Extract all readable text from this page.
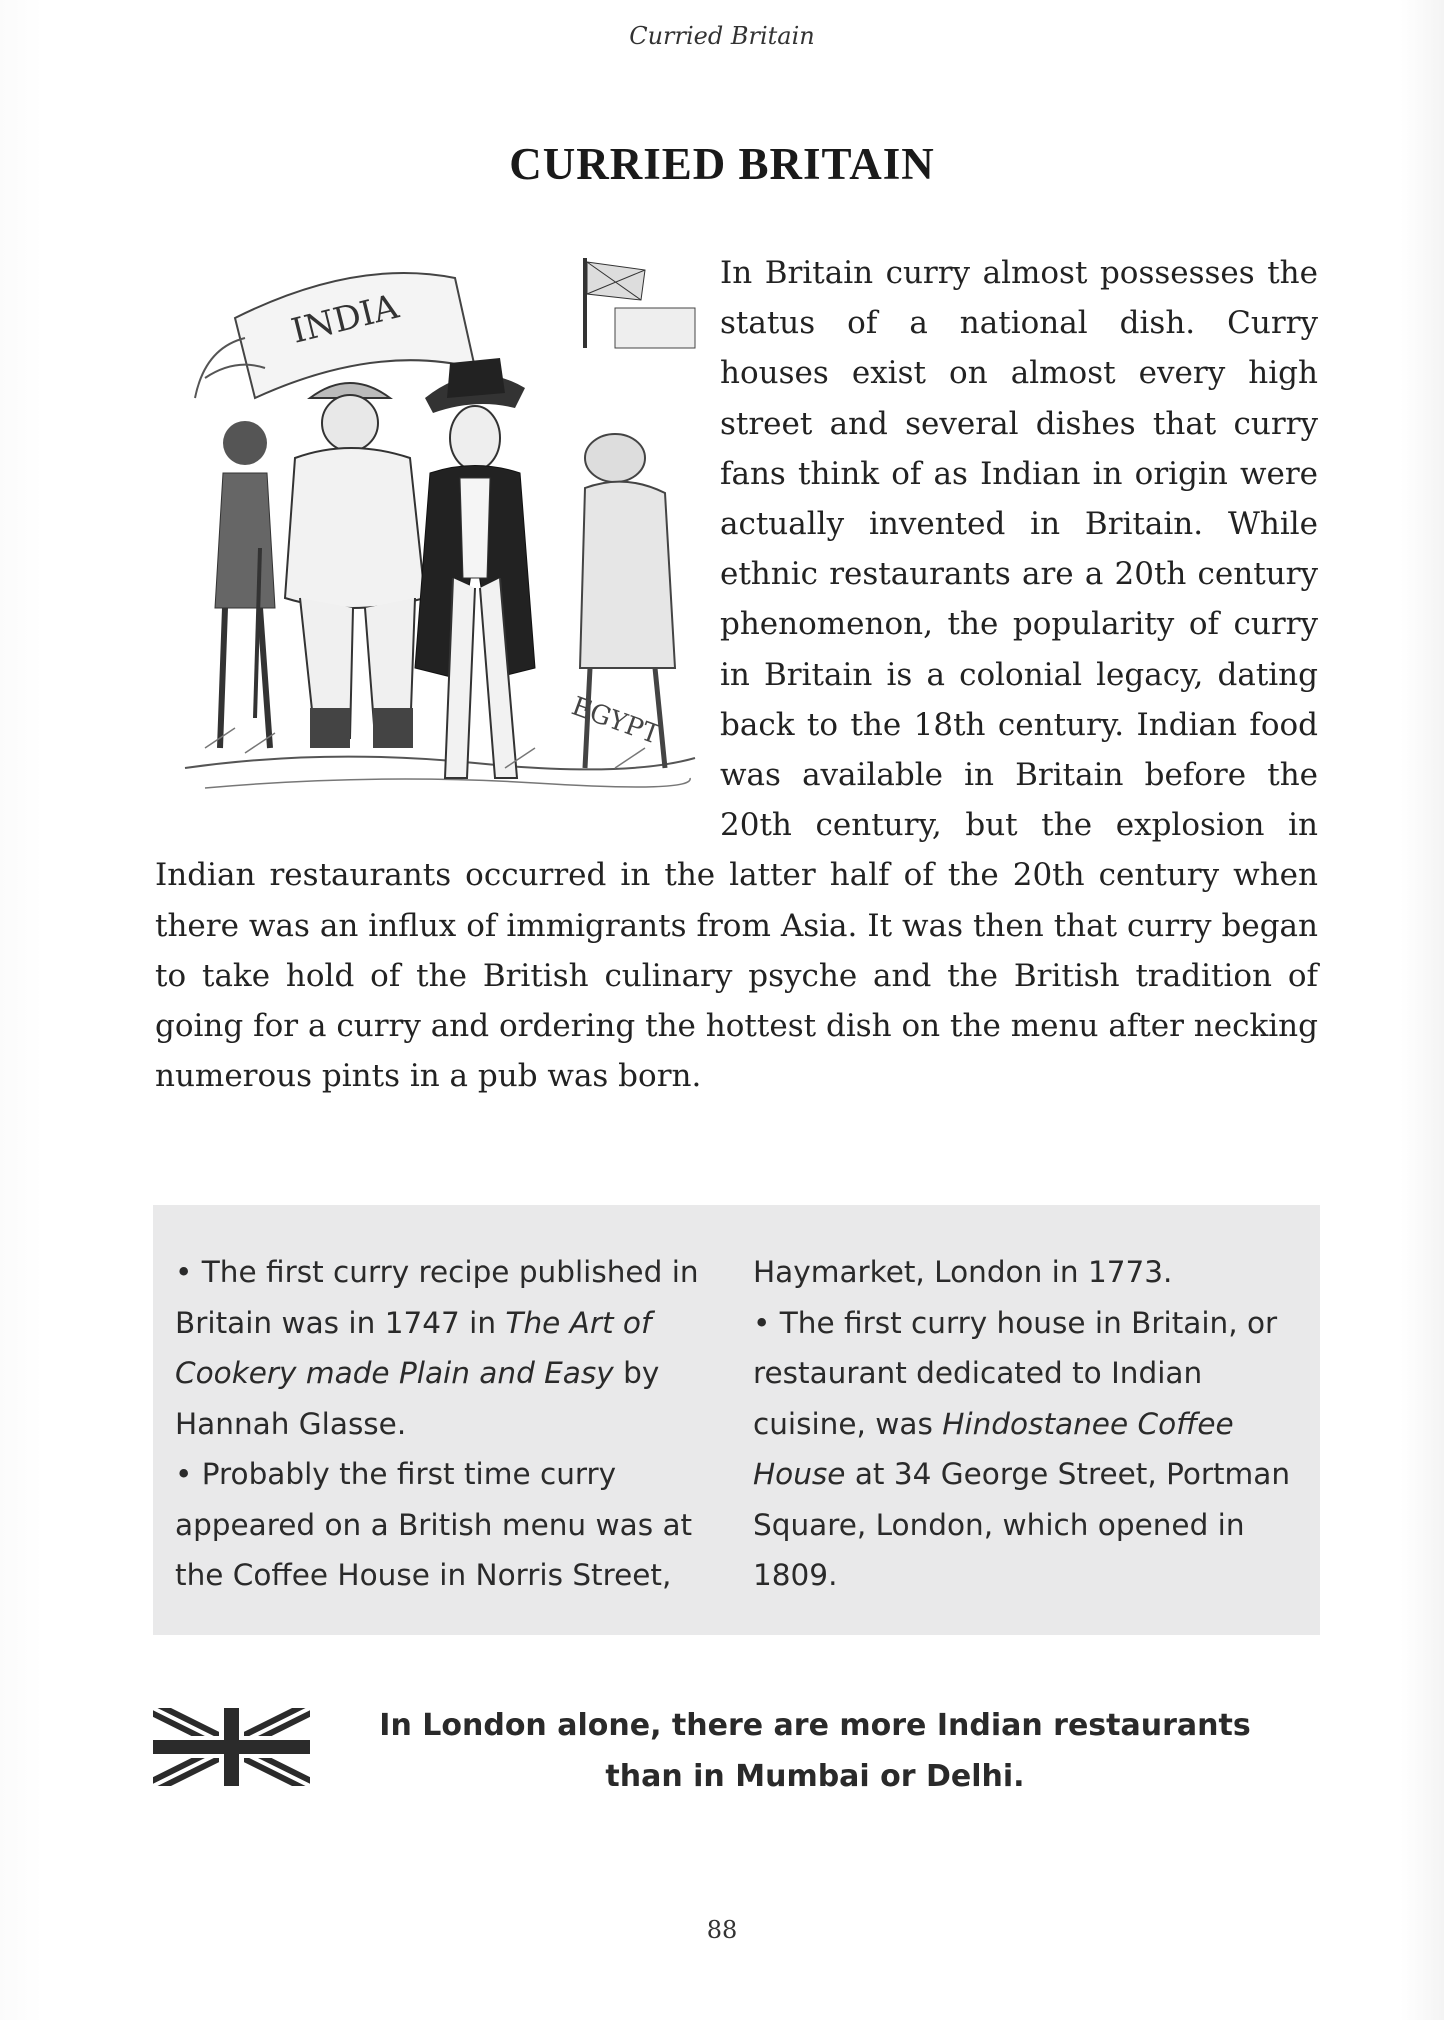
Curried Britain
CURRIED BRITAIN
INDIA
EGYPT
In Britain curry almost possesses the status of a national dish. Curry houses exist on almost every high street and several dishes that curry fans think of as Indian in origin were actually invented in Britain. While ethnic restaurants are a 20th century phenomenon, the popularity of curry in Britain is a colonial legacy, dating back to the 18th century. Indian food was available in Britain before the 20th century, but the explosion in Indian restaurants occurred in the latter half of the 20th century when there was an influx of immigrants from Asia. It was then that curry began to take hold of the British culinary psyche and the British tradition of going for a curry and ordering the hottest dish on the menu after necking numerous pints in a pub was born.

• The first curry recipe published in Britain was in 1747 in The Art of Cookery made Plain and Easy by Hannah Glasse.

• Probably the first time curry appeared on a British menu was at the Coffee House in Norris Street,

Haymarket, London in 1773.

• The first curry house in Britain, or restaurant dedicated to Indian cuisine, was Hindostanee Coffee House at 34 George Street, Portman Square, London, which opened in 1809.

In London alone, there are more Indian restaurants than in Mumbai or Delhi.

88
